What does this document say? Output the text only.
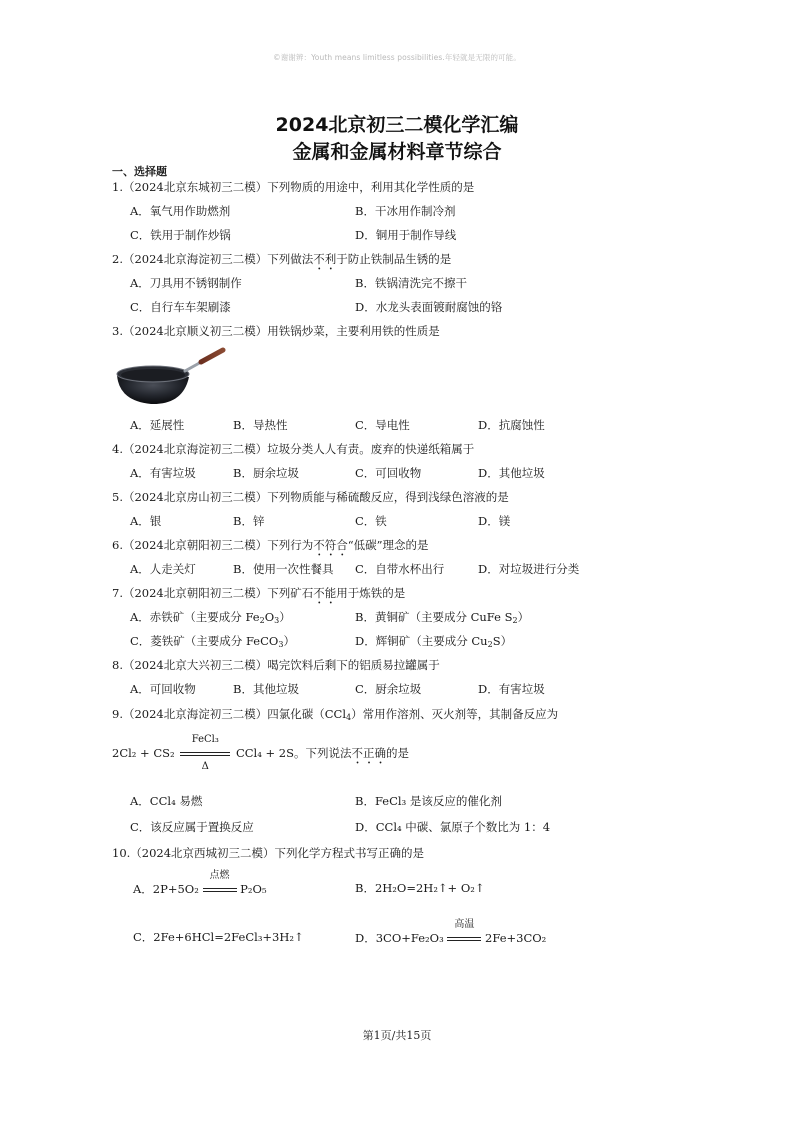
©谢谢辨：Youth means limitless possibilities.年轻就是无限的可能。
2024北京初三二模化学汇编
金属和金属材料章节综合
一、选择题
1.（2024北京东城初三二模）下列物质的用途中，利用其化学性质的是
A．氧气用作助燃剂	B．干冰用作制冷剂
C．铁用于制作炒锅	D．铜用于制作导线
2.（2024北京海淀初三二模）下列做法不利于防止铁制品生锈的是
A．刀具用不锈钢制作	B．铁锅清洗完不擦干
C．自行车车架刷漆	D．水龙头表面镀耐腐蚀的铬
3.（2024北京顺义初三二模）用铁锅炒菜，主要利用铁的性质是
A．延展性	B．导热性	C．导电性	D．抗腐蚀性
4.（2024北京海淀初三二模）垃圾分类人人有责。废弃的快递纸箱属于
A．有害垃圾	B．厨余垃圾	C．可回收物	D．其他垃圾
5.（2024北京房山初三二模）下列物质能与稀硫酸反应，得到浅绿色溶液的是
A．银	B．锌	C．铁	D．镁
6.（2024北京朝阳初三二模）下列行为不符合“低碳”理念的是
A．人走关灯	B．使用一次性餐具 C．自带水杯出行	D．对垃圾进行分类
7.（2024北京朝阳初三二模）下列矿石不能用于炼铁的是
A．赤铁矿（主要成分 $Fe_2O_3$）	B．黄铜矿（主要成分 CuFe $S_2$）
C．菱铁矿（主要成分 FeCO$_3$）	D．辉铜矿（主要成分 $Cu_2S$）
8.（2024北京大兴初三二模）喝完饮料后剩下的铝质易拉罐属于
A．可回收物	B．其他垃圾	C．厨余垃圾	D．有害垃圾
9.（2024北京海淀初三二模）四氯化碳（CCl$_4$）常用作溶剂、灭火剂等，其制备反应为
2Cl₂ + CS₂
FeCl₃
Δ
CCl₄ + 2S。下列说法不正确的是
A．CCl₄ 易燃	B．FeCl₃ 是该反应的催化剂
C．该反应属于置换反应	D．CCl₄ 中碳、氯原子个数比为 1：4
10.（2024北京西城初三二模）下列化学方程式书写正确的是
A．2P+5O₂
点燃
P₂O₅	B．2H₂O=2H₂↑+ O₂↑
C．2Fe+6HCl=2FeCl₃+3H₂↑	D．3CO+Fe₂O₃
高温
2Fe+3CO₂
第1页/共15页
